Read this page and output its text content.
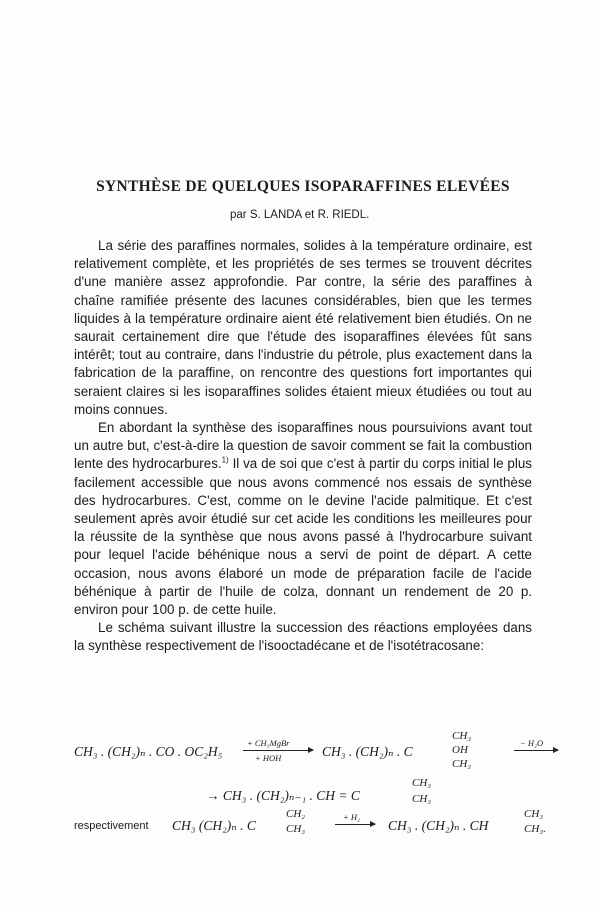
SYNTHÈSE DE QUELQUES ISOPARAFFINES ELEVÉES
par S. LANDA et R. RIEDL.

La série des paraffines normales, solides à la température ordinaire, est relativement complète, et les propriétés de ses termes se trouvent décrites d'une manière assez approfondie. Par contre, la série des paraffines à chaîne ramifiée présente des lacunes considérables, bien que les termes liquides à la température ordinaire aient été relativement bien étudiés. On ne saurait certainement dire que l'étude des isoparaffines élevées fût sans intérêt; tout au contraire, dans l'industrie du pétrole, plus exactement dans la fabrication de la paraffine, on rencontre des questions fort importantes qui seraient claires si les isoparaffines solides étaient mieux étudiées ou tout au moins connues.

En abordant la synthèse des isoparaffines nous poursuivions avant tout un autre but, c'est-à-dire la question de savoir comment se fait la combustion lente des hydrocarbures.$^{1)}$ Il va de soi que c'est à partir du corps initial le plus facilement accessible que nous avons commencé nos essais de synthèse des hydrocarbures. C'est, comme on le devine l'acide palmitique. Et c'est seulement après avoir étudié sur cet acide les conditions les meilleures pour la réussite de la synthèse que nous avons passé à l'hydrocarbure suivant pour lequel l'acide béhénique nous a servi de point de départ. A cette occasion, nous avons élaboré un mode de préparation facile de l'acide béhénique à partir de l'huile de colza, donnant un rendement de 20 p. environ pour 100 p. de cette huile.

Le schéma suivant illustre la succession des réactions employées dans la synthèse respectivement de l'isooctadécane et de l'isotétracosane:

CH₃ . (CH₂)ₙ . CO . OC₂H₅
+ CH₃MgBr
+ HOH	CH₃ . (CH₂)ₙ . C
CH₃
OH
CH₃
− H₂O
→ CH₃ . (CH₂)ₙ₋₁ . CH = C
CH₃
CH₃
respectivement CH₃ (CH₂)ₙ . C
CH₂
CH₃
+ H₂
→ CH₃ . (CH₂)ₙ . CH
CH₃
CH₃.
